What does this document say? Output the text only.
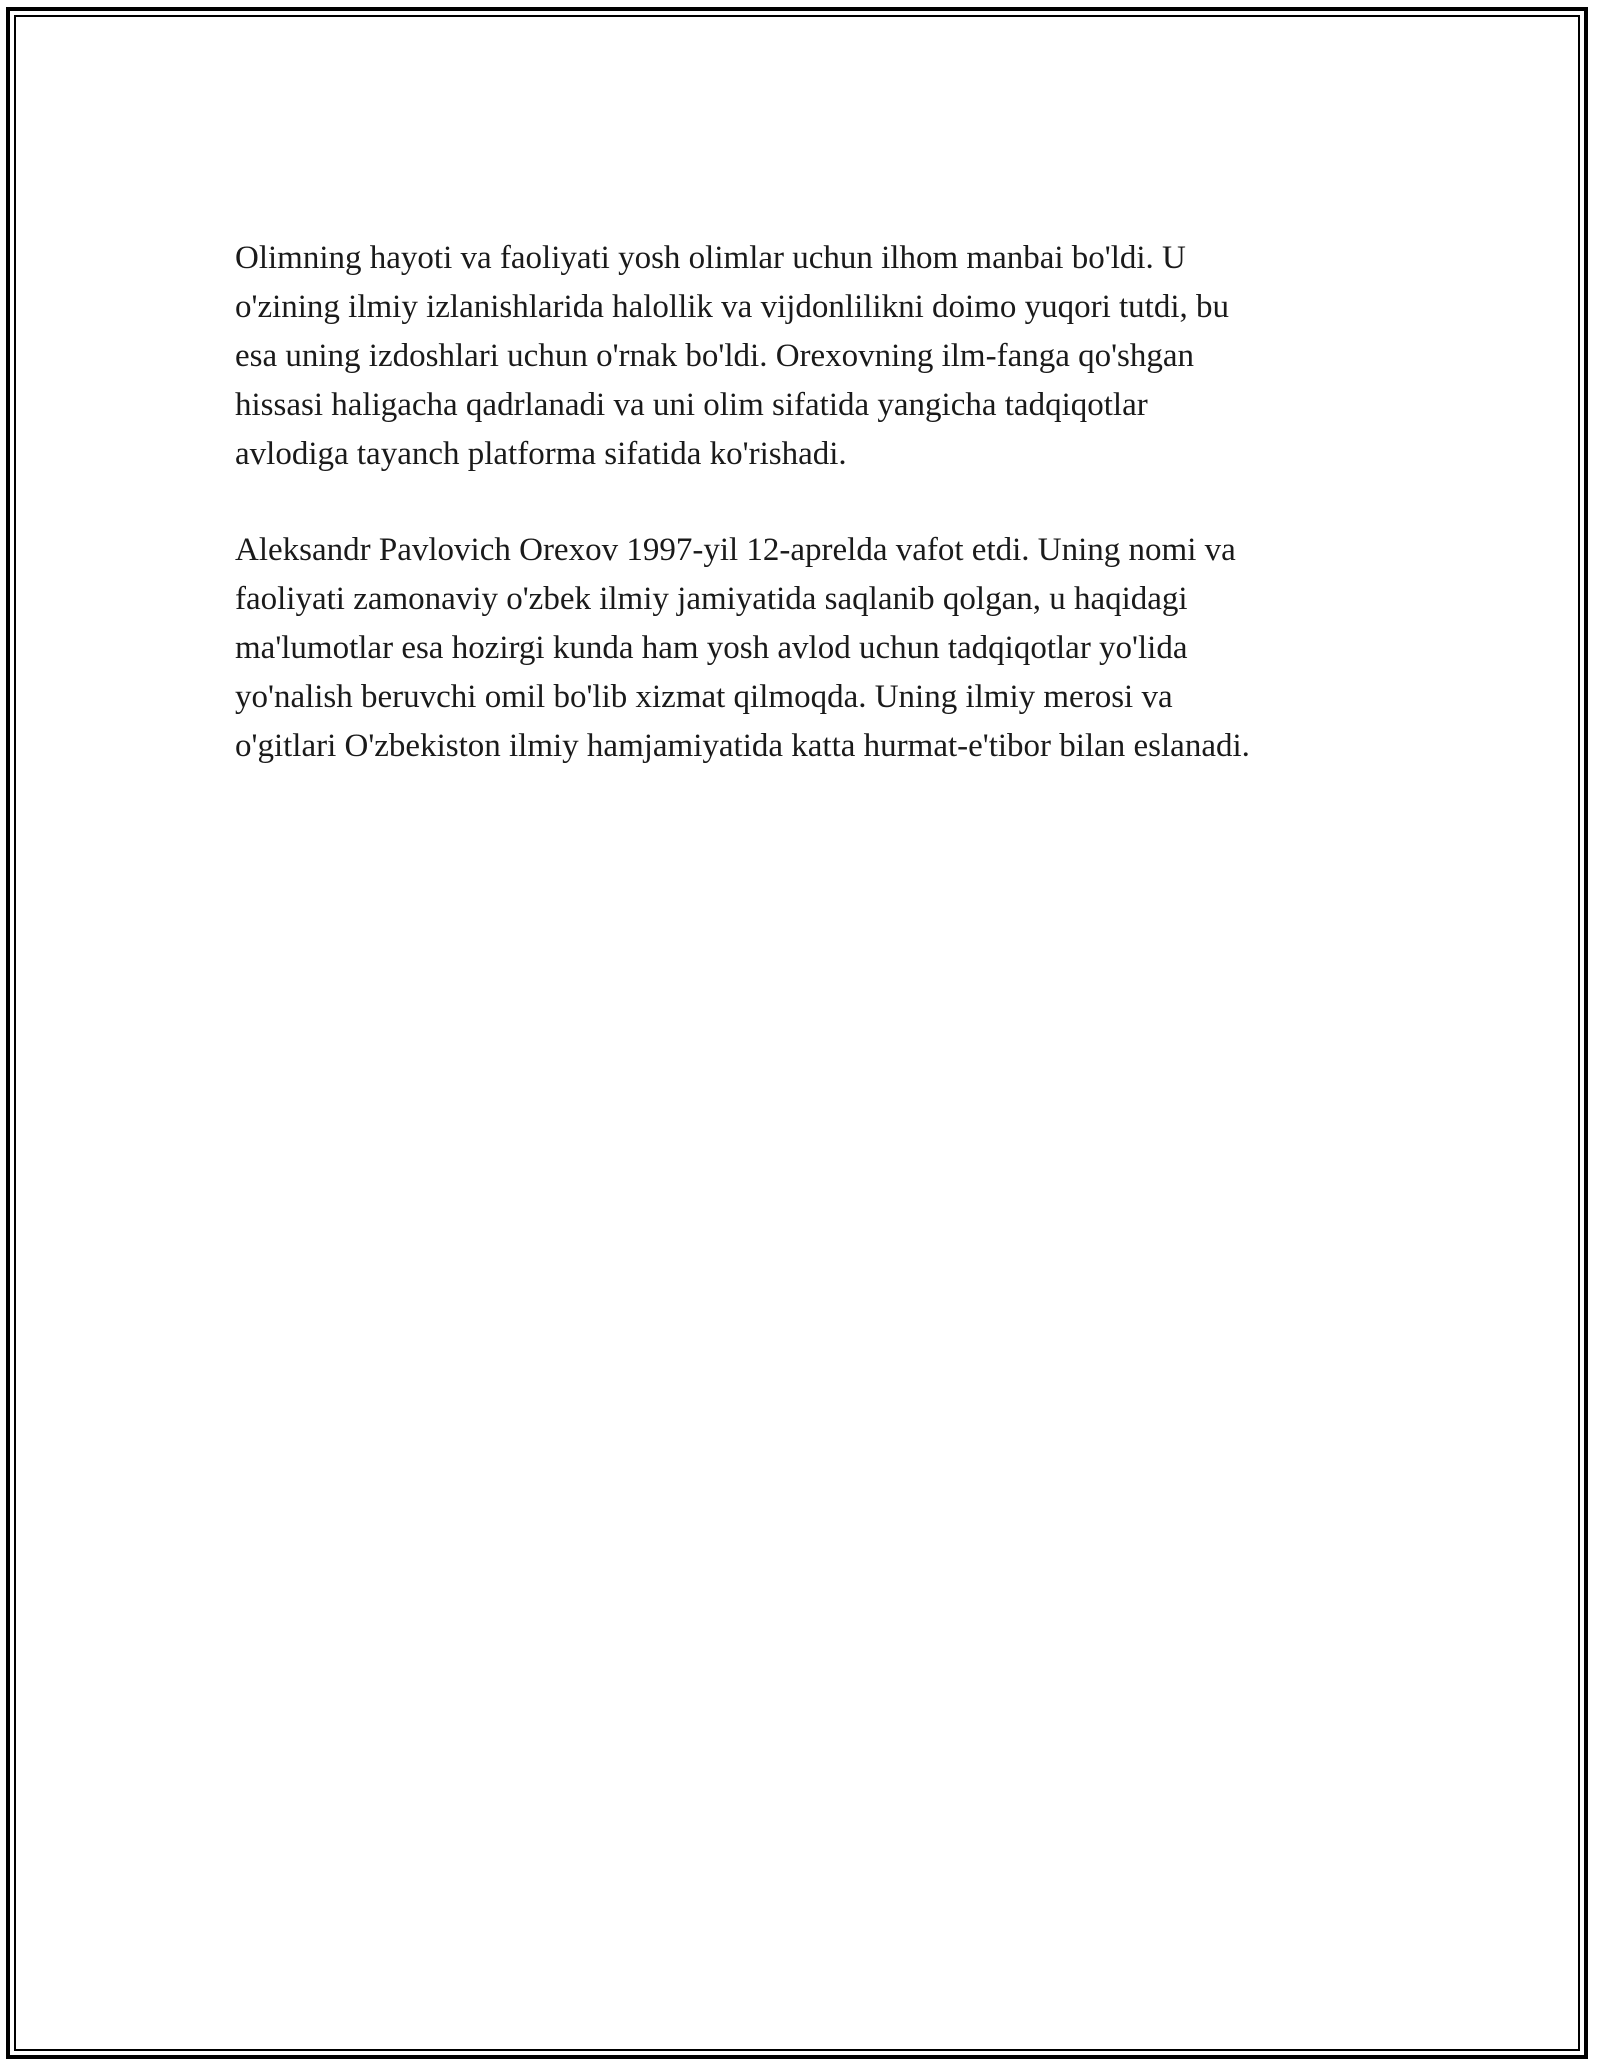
Olimning hayoti va faoliyati yosh olimlar uchun ilhom manbai bo'ldi. U
o'zining ilmiy izlanishlarida halollik va vijdonlilikni doimo yuqori tutdi, bu
esa uning izdoshlari uchun o'rnak bo'ldi. Orexovning ilm-fanga qo'shgan
hissasi haligacha qadrlanadi va uni olim sifatida yangicha tadqiqotlar
avlodiga tayanch platforma sifatida ko'rishadi.

Aleksandr Pavlovich Orexov 1997-yil 12-aprelda vafot etdi. Uning nomi va
faoliyati zamonaviy o'zbek ilmiy jamiyatida saqlanib qolgan, u haqidagi
ma'lumotlar esa hozirgi kunda ham yosh avlod uchun tadqiqotlar yo'lida
yo'nalish beruvchi omil bo'lib xizmat qilmoqda. Uning ilmiy merosi va
o'gitlari O'zbekiston ilmiy hamjamiyatida katta hurmat-e'tibor bilan eslanadi.
